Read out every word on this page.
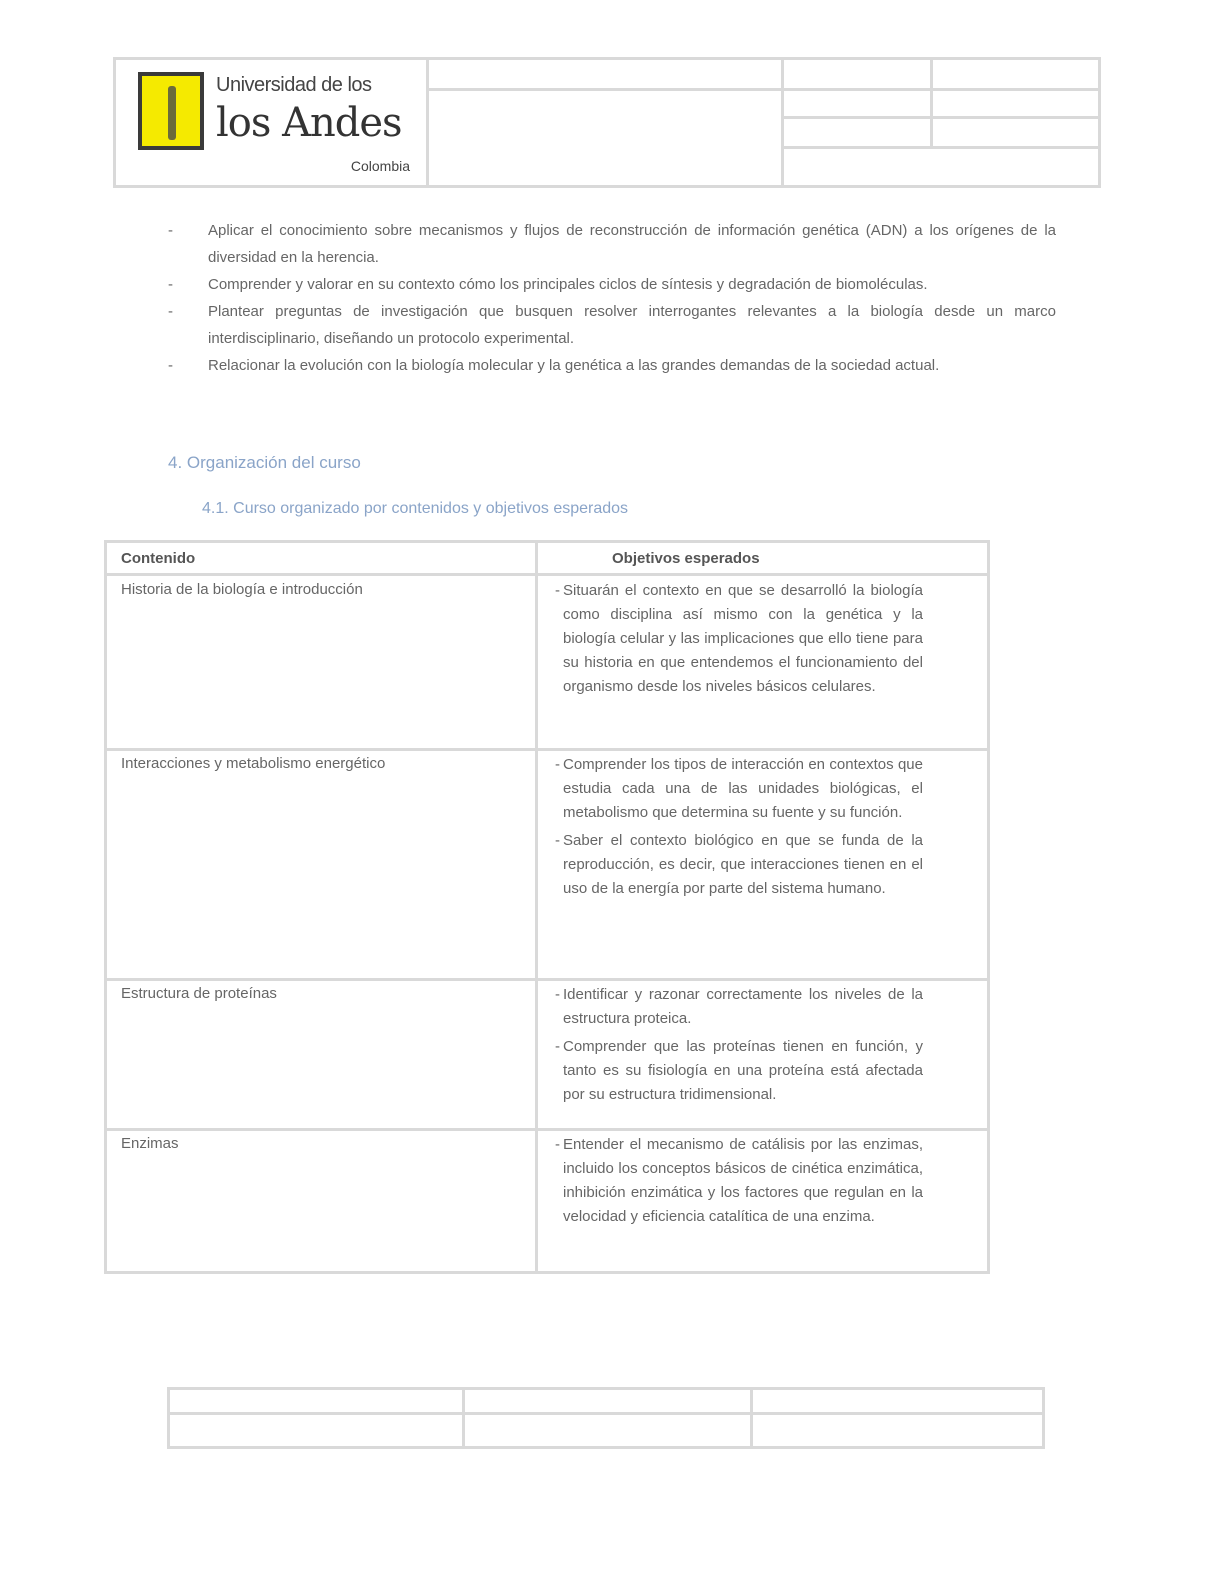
Universidad de los
los Andes
Colombia
- Aplicar el conocimiento sobre mecanismos y flujos de reconstrucción de información genética (ADN) a los orígenes de la diversidad en la herencia.
- Comprender y valorar en su contexto cómo los principales ciclos de síntesis y degradación de biomoléculas.
- Plantear preguntas de investigación que busquen resolver interrogantes relevantes a la biología desde un marco interdisciplinario, diseñando un protocolo experimental.
- Relacionar la evolución con la biología molecular y la genética a las grandes demandas de la sociedad actual.
4. Organización del curso
4.1. Curso organizado por contenidos y objetivos esperados
Contenido	Objetivos esperados
Historia de la biología e introducción	- Situarán el contexto en que se desarrolló la biología como disciplina así mismo con la genética y la biología celular y las implicaciones que ello tiene para su historia en que entendemos el funcionamiento del organismo desde los niveles básicos celulares.

Interacciones y metabolismo energético	- Comprender los tipos de interacción en contextos que estudia cada una de las unidades biológicas, el metabolismo que determina su fuente y su función.

- Saber el contexto biológico en que se funda de la reproducción, es decir, que interacciones tienen en el uso de la energía por parte del sistema humano.

Estructura de proteínas	- Identificar y razonar correctamente los niveles de la estructura proteica.

- Comprender que las proteínas tienen en función, y tanto es su fisiología en una proteína está afectada por su estructura tridimensional.

Enzimas	- Entender el mecanismo de catálisis por las enzimas, incluido los conceptos básicos de cinética enzimática, inhibición enzimática y los factores que regulan en la velocidad y eficiencia catalítica de una enzima.
